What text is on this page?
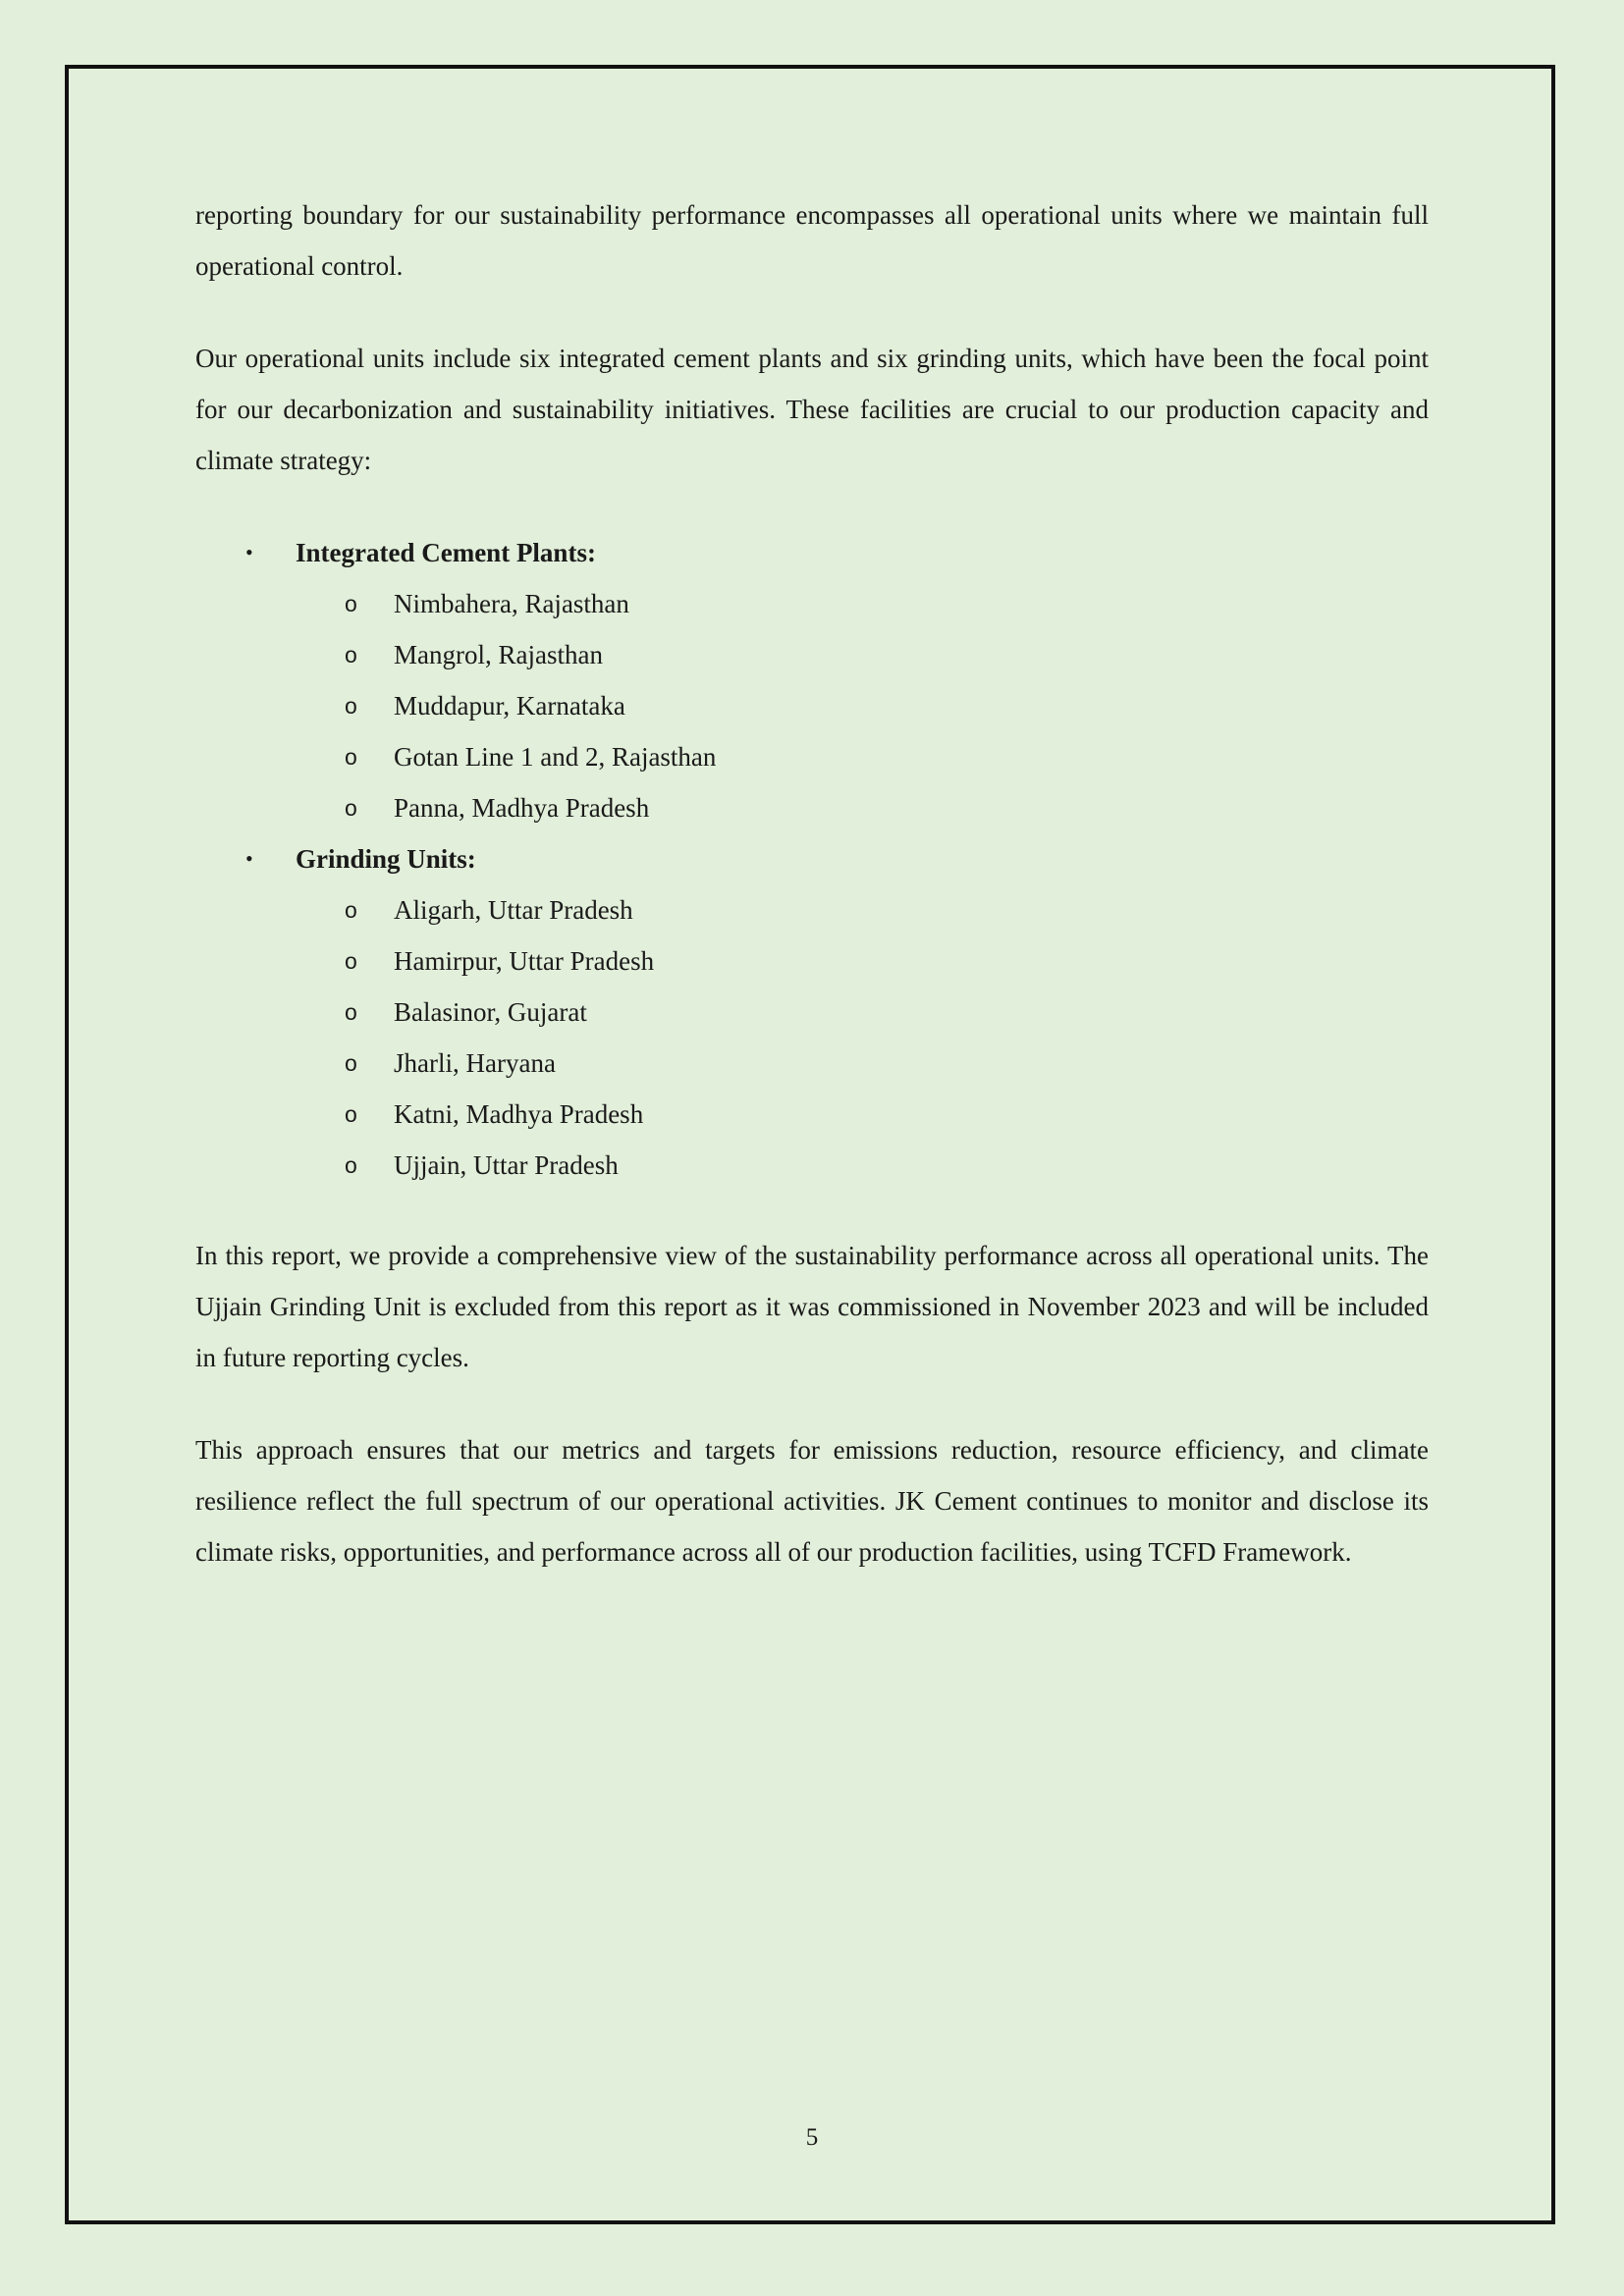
reporting boundary for our sustainability performance encompasses all operational units where we maintain full operational control.

Our operational units include six integrated cement plants and six grinding units, which have been the focal point for our decarbonization and sustainability initiatives. These facilities are crucial to our production capacity and climate strategy:

• Integrated Cement Plants:
o Nimbahera, Rajasthan
o Mangrol, Rajasthan
o Muddapur, Karnataka
o Gotan Line 1 and 2, Rajasthan
o Panna, Madhya Pradesh
• Grinding Units:
o Aligarh, Uttar Pradesh
o Hamirpur, Uttar Pradesh
o Balasinor, Gujarat
o Jharli, Haryana
o Katni, Madhya Pradesh
o Ujjain, Uttar Pradesh

In this report, we provide a comprehensive view of the sustainability performance across all operational units. The Ujjain Grinding Unit is excluded from this report as it was commissioned in November 2023 and will be included in future reporting cycles.

This approach ensures that our metrics and targets for emissions reduction, resource efficiency, and climate resilience reflect the full spectrum of our operational activities. JK Cement continues to monitor and disclose its climate risks, opportunities, and performance across all of our production facilities, using TCFD Framework.

5
